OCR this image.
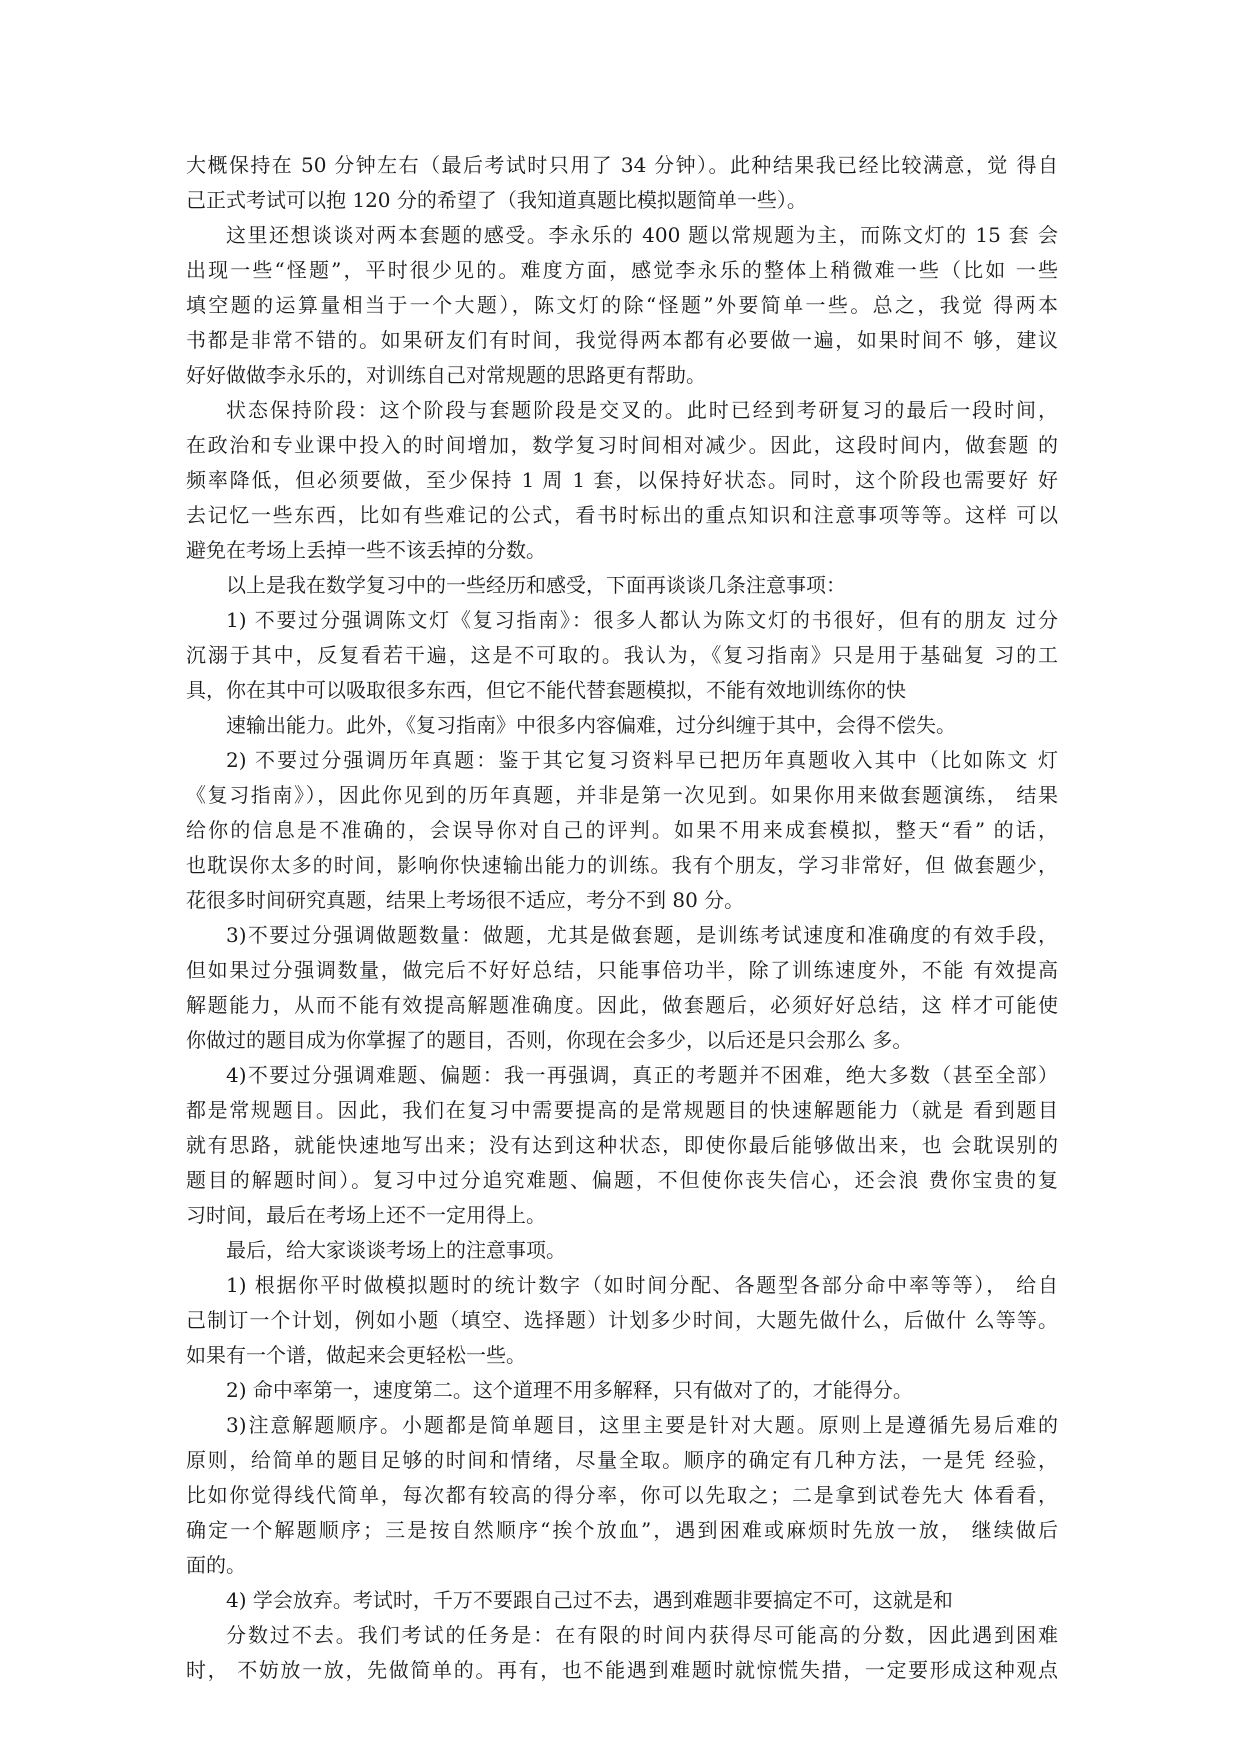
大概保持在 50 分钟左右（最后考试时只用了 34 分钟）。此种结果我已经比较满意，觉 得自
己正式考试可以抱 120 分的希望了（我知道真题比模拟题简单一些）。
这里还想谈谈对两本套题的感受。李永乐的 400 题以常规题为主，而陈文灯的 15 套 会
出现一些“怪题”，平时很少见的。难度方面，感觉李永乐的整体上稍微难一些（比如 一些
填空题的运算量相当于一个大题），陈文灯的除“怪题”外要简单一些。总之，我觉 得两本
书都是非常不错的。如果研友们有时间，我觉得两本都有必要做一遍，如果时间不 够，建议
好好做做李永乐的，对训练自己对常规题的思路更有帮助。
状态保持阶段：这个阶段与套题阶段是交叉的。此时已经到考研复习的最后一段时间，
在政治和专业课中投入的时间增加，数学复习时间相对减少。因此，这段时间内，做套题 的
频率降低，但必须要做，至少保持 1 周 1 套，以保持好状态。同时，这个阶段也需要好 好
去记忆一些东西，比如有些难记的公式，看书时标出的重点知识和注意事项等等。这样 可以
避免在考场上丢掉一些不该丢掉的分数。
以上是我在数学复习中的一些经历和感受，下面再谈谈几条注意事项：
1) 不要过分强调陈文灯《复习指南》：很多人都认为陈文灯的书很好，但有的朋友 过分
沉溺于其中，反复看若干遍，这是不可取的。我认为，《复习指南》只是用于基础复 习的工
具，你在其中可以吸取很多东西，但它不能代替套题模拟，不能有效地训练你的快
速输出能力。此外，《复习指南》中很多内容偏难，过分纠缠于其中，会得不偿失。
2) 不要过分强调历年真题：鉴于其它复习资料早已把历年真题收入其中（比如陈文 灯
《复习指南》），因此你见到的历年真题，并非是第一次见到。如果你用来做套题演练， 结果
给你的信息是不准确的，会误导你对自己的评判。如果不用来成套模拟，整天“看” 的话，
也耽误你太多的时间，影响你快速输出能力的训练。我有个朋友，学习非常好，但 做套题少，
花很多时间研究真题，结果上考场很不适应，考分不到 80 分。
3)不要过分强调做题数量：做题，尤其是做套题，是训练考试速度和准确度的有效手段，
但如果过分强调数量，做完后不好好总结，只能事倍功半，除了训练速度外，不能 有效提高
解题能力，从而不能有效提高解题准确度。因此，做套题后，必须好好总结，这 样才可能使
你做过的题目成为你掌握了的题目，否则，你现在会多少，以后还是只会那么 多。
4)不要过分强调难题、偏题：我一再强调，真正的考题并不困难，绝大多数（甚至全部）
都是常规题目。因此，我们在复习中需要提高的是常规题目的快速解题能力（就是 看到题目
就有思路，就能快速地写出来；没有达到这种状态，即使你最后能够做出来，也 会耽误别的
题目的解题时间）。复习中过分追究难题、偏题，不但使你丧失信心，还会浪 费你宝贵的复
习时间，最后在考场上还不一定用得上。
最后，给大家谈谈考场上的注意事项。
1) 根据你平时做模拟题时的统计数字（如时间分配、各题型各部分命中率等等）， 给自
己制订一个计划，例如小题（填空、选择题）计划多少时间，大题先做什么，后做什 么等等。
如果有一个谱，做起来会更轻松一些。
2) 命中率第一，速度第二。这个道理不用多解释，只有做对了的，才能得分。
3)注意解题顺序。小题都是简单题目，这里主要是针对大题。原则上是遵循先易后难的
原则，给简单的题目足够的时间和情绪，尽量全取。顺序的确定有几种方法，一是凭 经验，
比如你觉得线代简单，每次都有较高的得分率，你可以先取之；二是拿到试卷先大 体看看，
确定一个解题顺序；三是按自然顺序“挨个放血”，遇到困难或麻烦时先放一放， 继续做后
面的。
4) 学会放弃。考试时，千万不要跟自己过不去，遇到难题非要搞定不可，这就是和
分数过不去。我们考试的任务是：在有限的时间内获得尽可能高的分数，因此遇到困难
时， 不妨放一放，先做简单的。再有，也不能遇到难题时就惊慌失措，一定要形成这种观点
